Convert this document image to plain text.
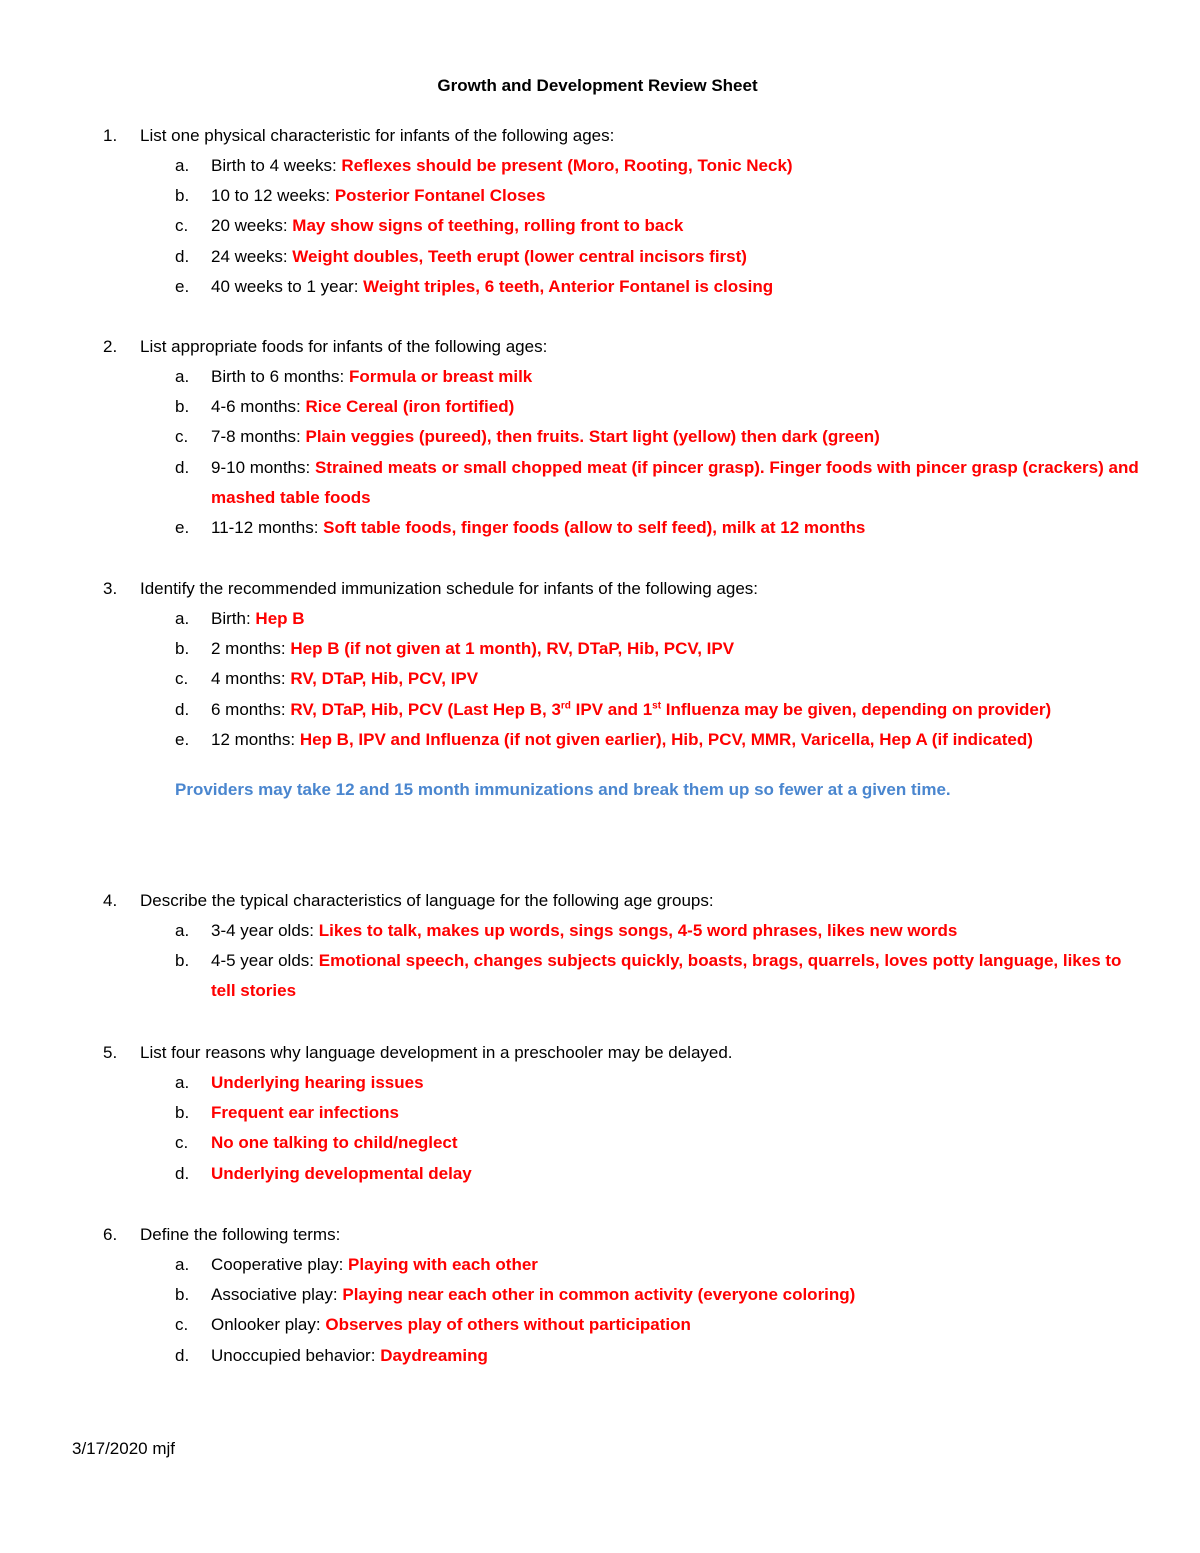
Growth and Development Review Sheet
1. List one physical characteristic for infants of the following ages:
a. Birth to 4 weeks: Reflexes should be present (Moro, Rooting, Tonic Neck)
b. 10 to 12 weeks: Posterior Fontanel Closes
c. 20 weeks: May show signs of teething, rolling front to back
d. 24 weeks: Weight doubles, Teeth erupt (lower central incisors first)
e. 40 weeks to 1 year: Weight triples, 6 teeth, Anterior Fontanel is closing
2. List appropriate foods for infants of the following ages:
a. Birth to 6 months: Formula or breast milk
b. 4-6 months: Rice Cereal (iron fortified)
c. 7-8 months: Plain veggies (pureed), then fruits. Start light (yellow) then dark (green)
d. 9-10 months: Strained meats or small chopped meat (if pincer grasp). Finger foods with pincer grasp (crackers) and mashed table foods
e. 11-12 months: Soft table foods, finger foods (allow to self feed), milk at 12 months
3. Identify the recommended immunization schedule for infants of the following ages:
a. Birth: Hep B
b. 2 months: Hep B (if not given at 1 month), RV, DTaP, Hib, PCV, IPV
c. 4 months: RV, DTaP, Hib, PCV, IPV
d. 6 months: RV, DTaP, Hib, PCV (Last Hep B, 3rd IPV and 1st Influenza may be given, depending on provider)
e. 12 months: Hep B, IPV and Influenza (if not given earlier), Hib, PCV, MMR, Varicella, Hep A (if indicated)
Providers may take 12 and 15 month immunizations and break them up so fewer at a given time.
4. Describe the typical characteristics of language for the following age groups:
a. 3-4 year olds: Likes to talk, makes up words, sings songs, 4-5 word phrases, likes new words
b. 4-5 year olds: Emotional speech, changes subjects quickly, boasts, brags, quarrels, loves potty language, likes to tell stories
5. List four reasons why language development in a preschooler may be delayed.
a. Underlying hearing issues
b. Frequent ear infections
c. No one talking to child/neglect
d. Underlying developmental delay
6. Define the following terms:
a. Cooperative play: Playing with each other
b. Associative play: Playing near each other in common activity (everyone coloring)
c. Onlooker play: Observes play of others without participation
d. Unoccupied behavior: Daydreaming
3/17/2020 mjf
